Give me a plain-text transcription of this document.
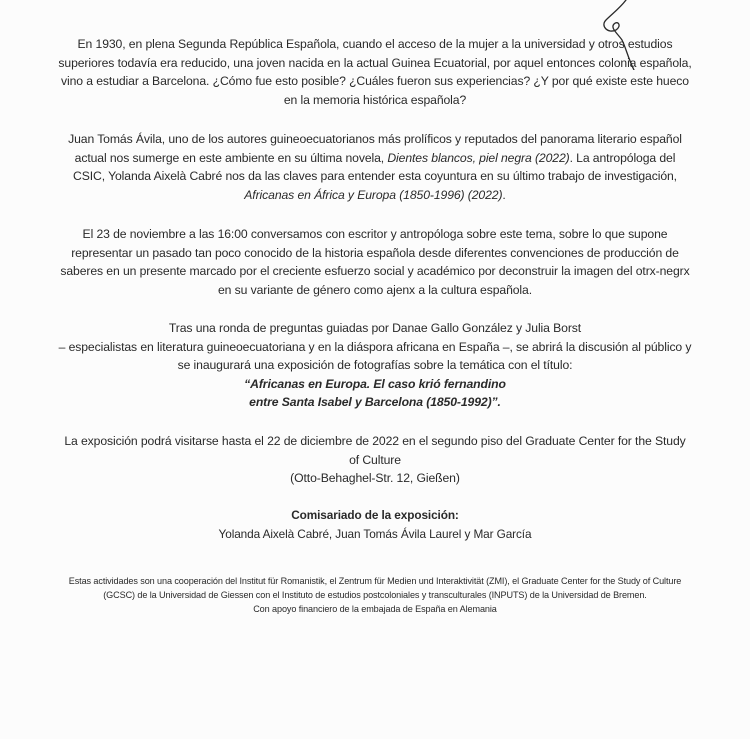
En 1930, en plena Segunda República Española, cuando el acceso de la mujer a la universidad y otros estudios superiores todavía era reducido, una joven nacida en la actual Guinea Ecuatorial, por aquel entonces colonia española, vino a estudiar a Barcelona. ¿Cómo fue esto posible? ¿Cuáles fueron sus experiencias? ¿Y por qué existe este hueco en la memoria histórica española?

Juan Tomás Ávila, uno de los autores guineoecuatorianos más prolíficos y reputados del panorama literario español actual nos sumerge en este ambiente en su última novela, Dientes blancos, piel negra (2022). La antropóloga del CSIC, Yolanda Aixelà Cabré nos da las claves para entender esta coyuntura en su último trabajo de investigación, Africanas en África y Europa (1850-1996) (2022).

El 23 de noviembre a las 16:00 conversamos con escritor y antropóloga sobre este tema, sobre lo que supone representar un pasado tan poco conocido de la historia española desde diferentes convenciones de producción de saberes en un presente marcado por el creciente esfuerzo social y académico por deconstruir la imagen del otrx-negrx en su variante de género como ajenx a la cultura española.

Tras una ronda de preguntas guiadas por Danae Gallo González y Julia Borst

– especialistas en literatura guineoecuatoriana y en la diáspora africana en España –, se abrirá la discusión al público y se inaugurará una exposición de fotografías sobre la temática con el título:

“Africanas en Europa. El caso krió fernandino

entre Santa Isabel y Barcelona (1850-1992)”.

La exposición podrá visitarse hasta el 22 de diciembre de 2022 en el segundo piso del Graduate Center for the Study of Culture

(Otto-Behaghel-Str. 12, Gießen)

Comisariado de la exposición:

Yolanda Aixelà Cabré, Juan Tomás Ávila Laurel y Mar García

Estas actividades son una cooperación del Institut für Romanistik, el Zentrum für Medien und Interaktivität (ZMI), el Graduate Center for the Study of Culture (GCSC) de la Universidad de Giessen con el Instituto de estudios postcoloniales y transculturales (INPUTS) de la Universidad de Bremen.

Con apoyo financiero de la embajada de España en Alemania
